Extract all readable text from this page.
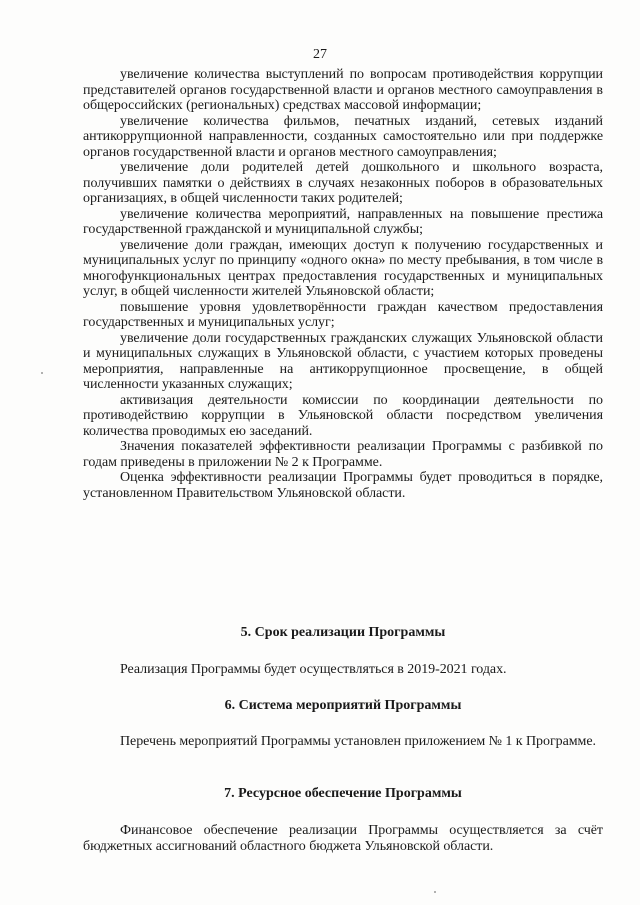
27

увеличение количества выступлений по вопросам противодействия коррупции представителей органов государственной власти и органов местного самоуправления в общероссийских (региональных) средствах массовой информации;

увеличение количества фильмов, печатных изданий, сетевых изданий антикоррупционной направленности, созданных самостоятельно или при поддержке органов государственной власти и органов местного самоуправления;

увеличение доли родителей детей дошкольного и школьного возраста, получивших памятки о действиях в случаях незаконных поборов в образовательных организациях, в общей численности таких родителей;

увеличение количества мероприятий, направленных на повышение престижа государственной гражданской и муниципальной службы;

увеличение доли граждан, имеющих доступ к получению государственных и муниципальных услуг по принципу «одного окна» по месту пребывания, в том числе в многофункциональных центрах предоставления государственных и муниципальных услуг, в общей численности жителей Ульяновской области;

повышение уровня удовлетворённости граждан качеством предоставления государственных и муниципальных услуг;

увеличение доли государственных гражданских служащих Ульяновской области и муниципальных служащих в Ульяновской области, с участием которых проведены мероприятия, направленные на антикоррупционное просвещение, в общей численности указанных служащих;

активизация деятельности комиссии по координации деятельности по противодействию коррупции в Ульяновской области посредством увеличения количества проводимых ею заседаний.

Значения показателей эффективности реализации Программы с разбивкой по годам приведены в приложении № 2 к Программе.

Оценка эффективности реализации Программы будет проводиться в порядке, установленном Правительством Ульяновской области.

5. Срок реализации Программы

Реализация Программы будет осуществляться в 2019-2021 годах.

6. Система мероприятий Программы

Перечень мероприятий Программы установлен приложением № 1 к Программе.

7. Ресурсное обеспечение Программы

Финансовое обеспечение реализации Программы осуществляется за счёт бюджетных ассигнований областного бюджета Ульяновской области.
